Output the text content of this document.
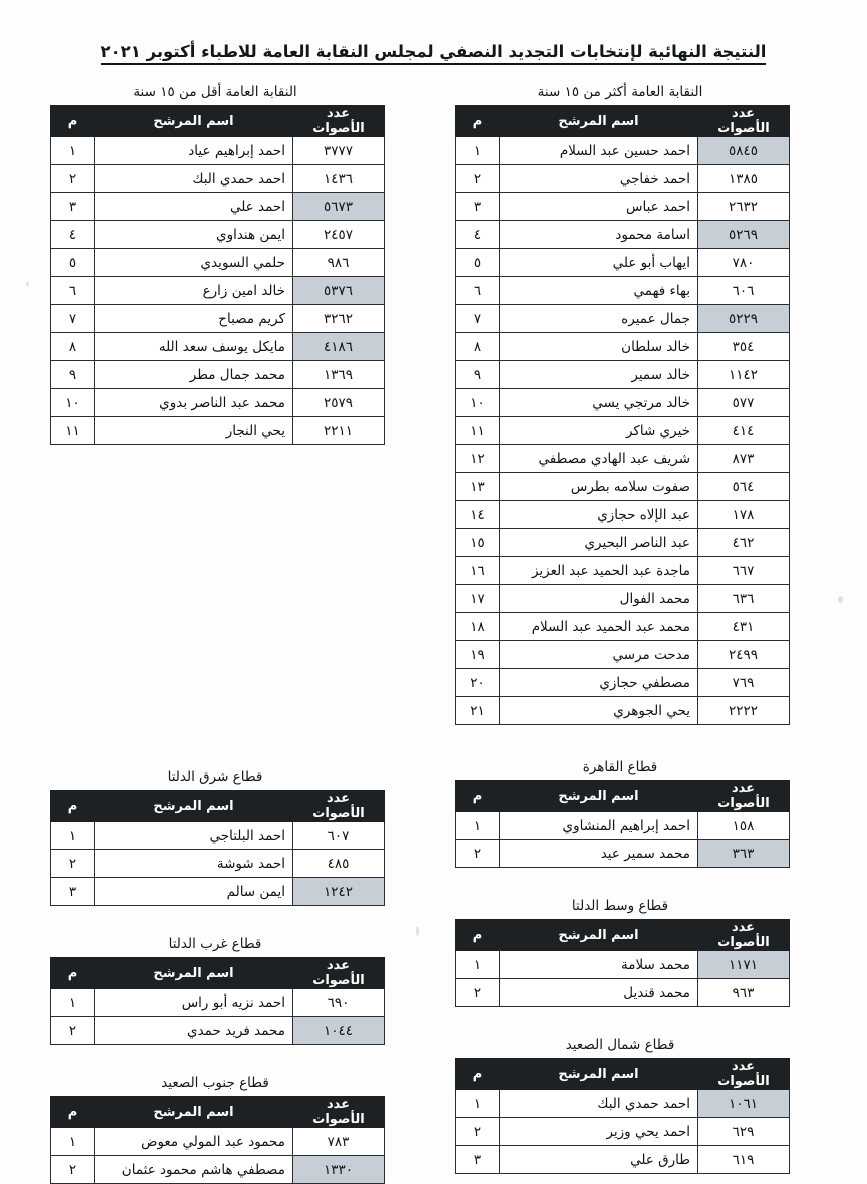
النتيجة النهائية لإنتخابات التجديد النصفي لمجلس النقابة العامة للاطباء أكتوبر ٢٠٢١
النقابة العامة أكثر من ١٥ سنة
عدد الأصوات	اسم المرشح	م
٥٨٤٥	احمد حسين عبد السلام	١
١٣٨٥	احمد خفاجي	٢
٢٦٣٢	احمد عباس	٣
٥٢٦٩	اسامة محمود	٤
٧٨٠	ايهاب أبو علي	٥
٦٠٦	بهاء فهمي	٦
٥٢٢٩	جمال عميره	٧
٣٥٤	خالد سلطان	٨
١١٤٢	خالد سمير	٩
٥٧٧	خالد مرتجي يسي	١٠
٤١٤	خيري شاكر	١١
٨٧٣	شريف عبد الهادي مصطفي	١٢
٥٦٤	صفوت سلامه بطرس	١٣
١٧٨	عبد الإلاه حجازي	١٤
٤٦٢	عبد الناصر البحيري	١٥
٦٦٧	ماجدة عبد الحميد عبد العزيز	١٦
٦٣٦	محمد الفوال	١٧
٤٣١	محمد عبد الحميد عبد السلام	١٨
٢٤٩٩	مدحت مرسي	١٩
٧٦٩	مصطفي حجازي	٢٠
٢٢٢٢	يحي الجوهري	٢١
قطاع القاهرة
عدد الأصوات	اسم المرشح	م
١٥٨	احمد إبراهيم المنشاوي	١
٣٦٣	محمد سمير عيد	٢
قطاع وسط الدلتا
عدد الأصوات	اسم المرشح	م
١١٧١	محمد سلامة	١
٩٦٣	محمد قنديل	٢
قطاع شمال الصعيد
عدد الأصوات	اسم المرشح	م
١٠٦١	احمد حمدي البك	١
٦٢٩	احمد يحي وزير	٢
٦١٩	طارق علي	٣
النقابة العامة أقل من ١٥ سنة
عدد الأصوات	اسم المرشح	م
٣٧٧٧	احمد إبراهيم عياد	١
١٤٣٦	احمد حمدي البك	٢
٥٦٧٣	احمد علي	٣
٢٤٥٧	ايمن هنداوي	٤
٩٨٦	حلمي السويدي	٥
٥٣٧٦	خالد امين زارع	٦
٣٢٦٢	كريم مصباح	٧
٤١٨٦	مايكل يوسف سعد الله	٨
١٣٦٩	محمد جمال مطر	٩
٢٥٧٩	محمد عبد الناصر بدوي	١٠
٢٢١١	يحي النجار	١١
قطاع شرق الدلتا
عدد الأصوات	اسم المرشح	م
٦٠٧	احمد البلتاجي	١
٤٨٥	احمد شوشة	٢
١٢٤٢	ايمن سالم	٣
قطاع غرب الدلتا
عدد الأصوات	اسم المرشح	م
٦٩٠	احمد نزيه أبو راس	١
١٠٤٤	محمد فريد حمدي	٢
قطاع جنوب الصعيد
عدد الأصوات	اسم المرشح	م
٧٨٣	محمود عبد المولي معوض	١
١٣٣٠	مصطفي هاشم محمود عثمان	٢
